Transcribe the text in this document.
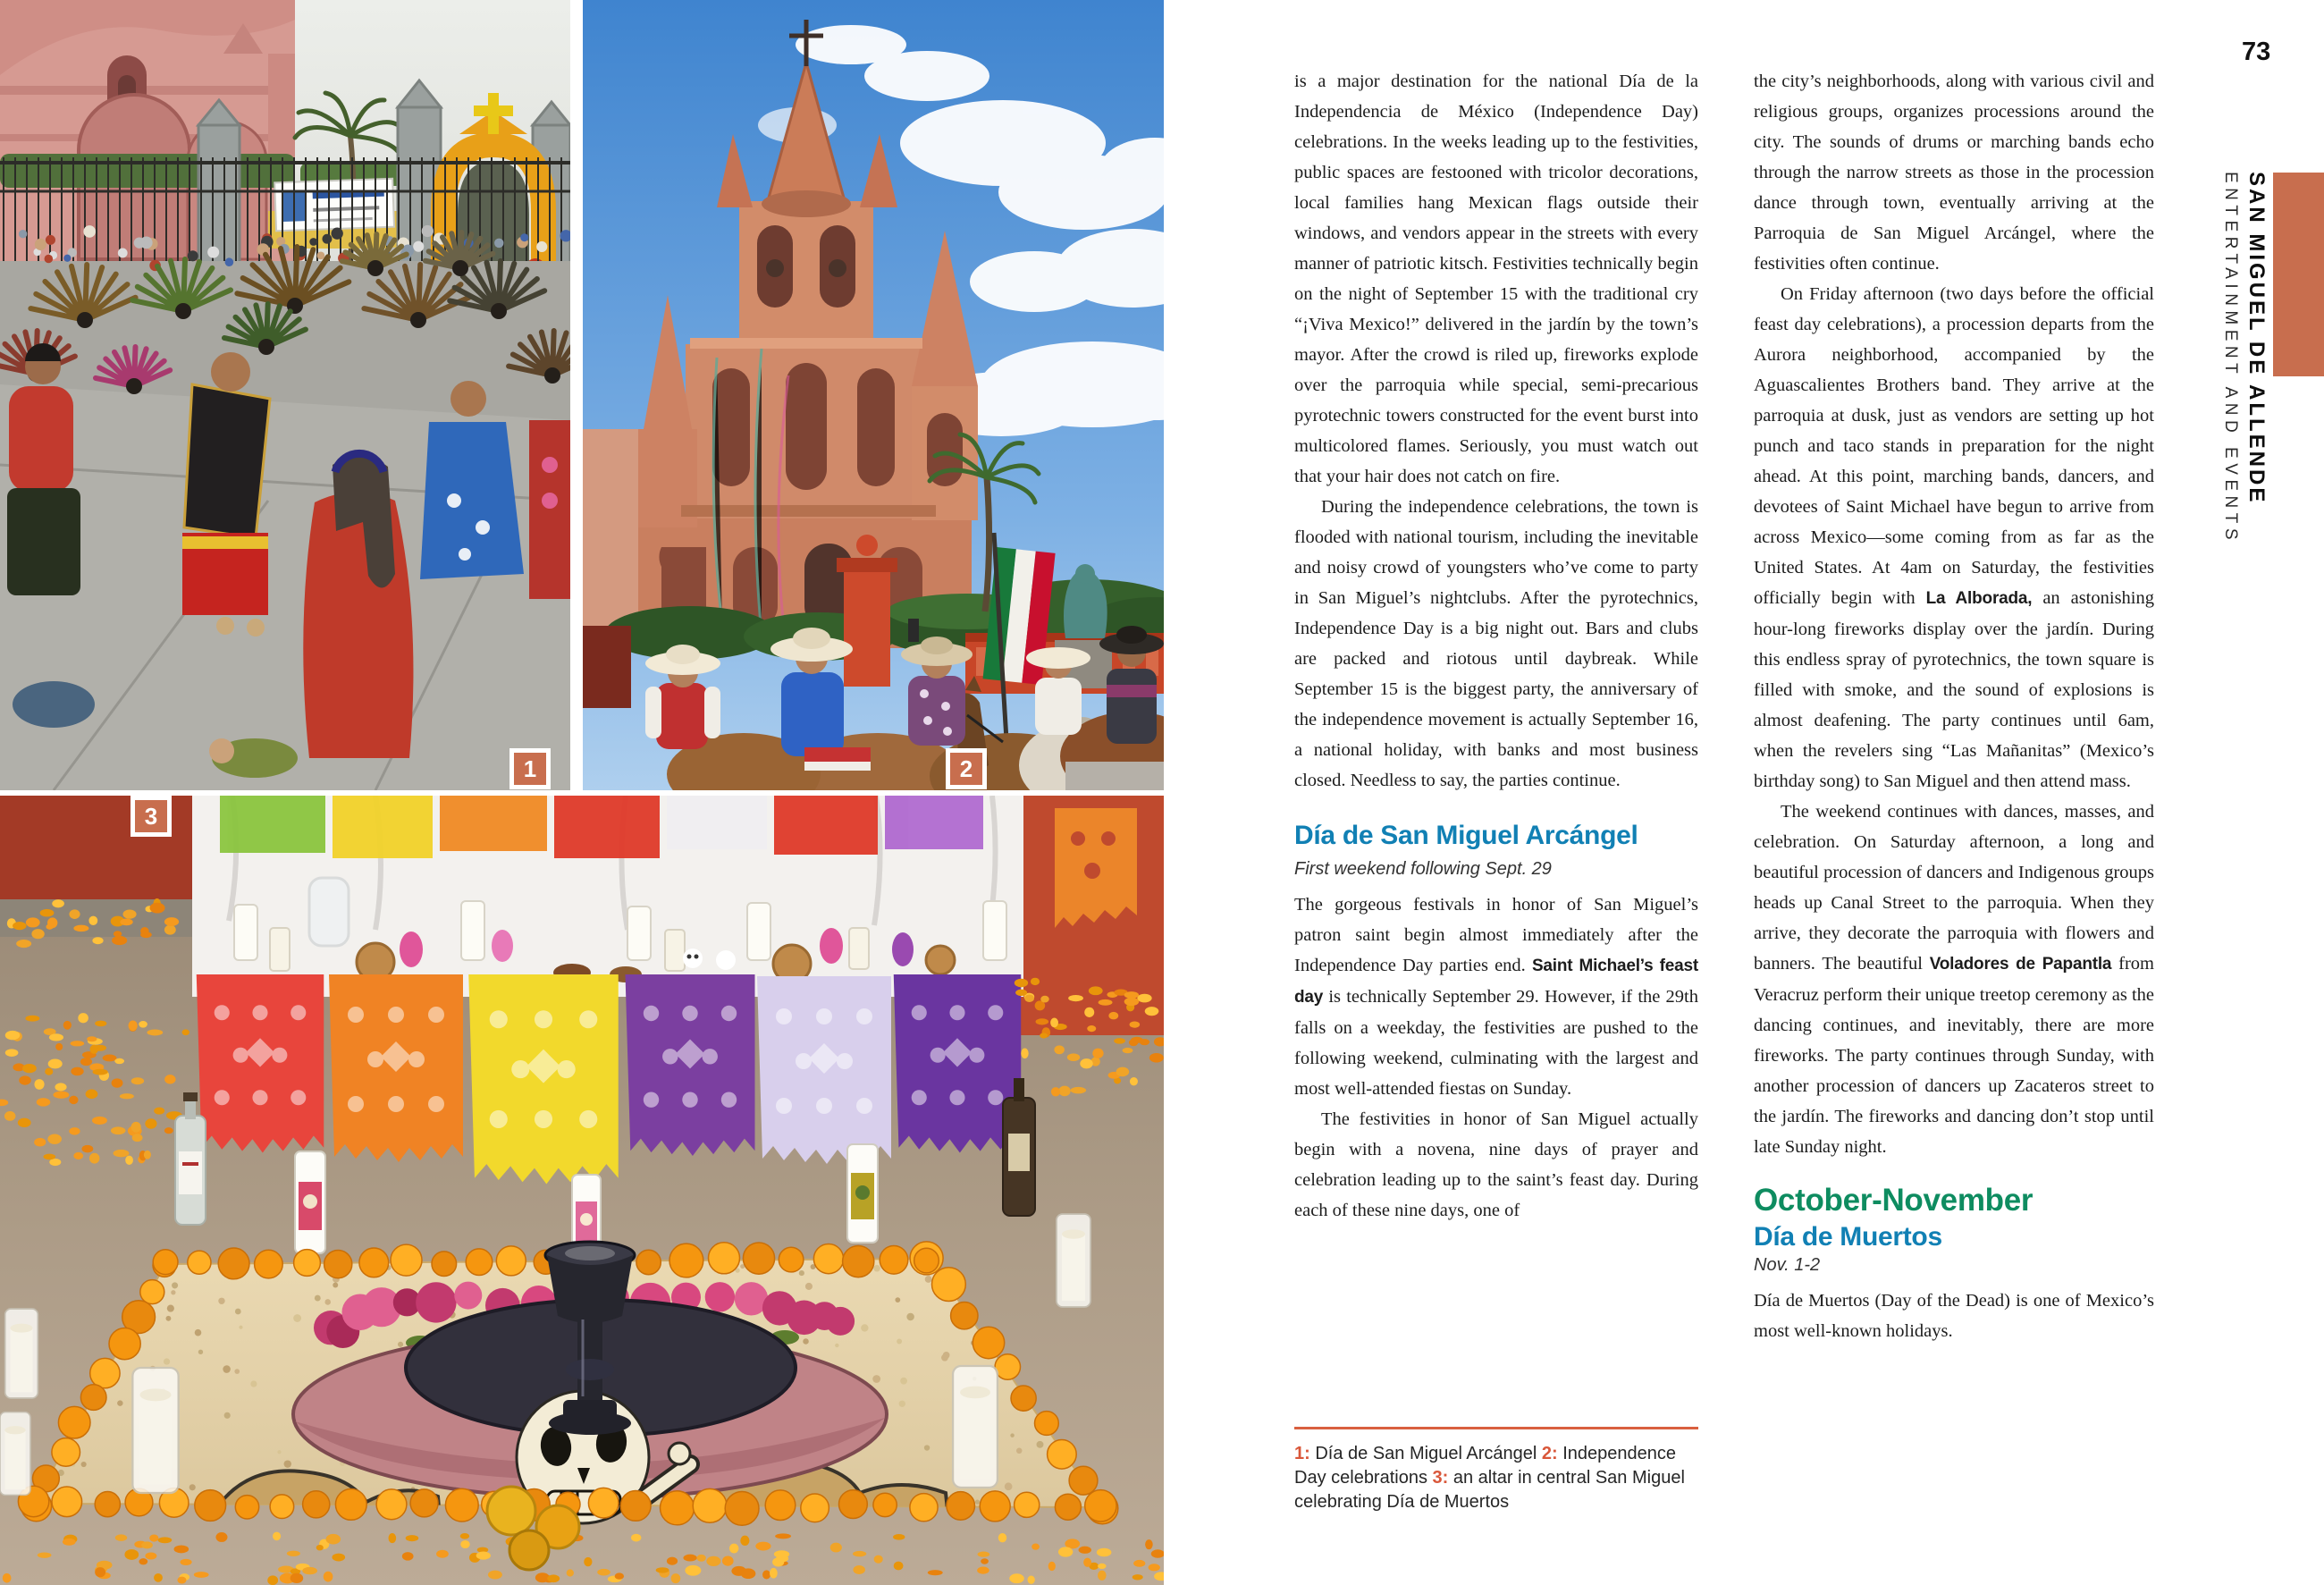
1	2
3

is a major destination for the national Día de la Independencia de México (Independence Day) celebrations. In the weeks leading up to the festivities, public spaces are festooned with tricolor decorations, local families hang Mexican flags outside their windows, and vendors appear in the streets with every manner of patriotic kitsch. Festivities technically begin on the night of September 15 with the traditional cry “¡Viva Mexico!” delivered in the jardín by the town’s mayor. After the crowd is riled up, fireworks explode over the parroquia while special, semi-precarious pyrotechnic towers constructed for the event burst into multicolored flames. Seriously, you must watch out that your hair does not catch on fire.

During the independence celebrations, the town is flooded with national tourism, including the inevitable and noisy crowd of youngsters who’ve come to party in San Miguel’s nightclubs. After the pyrotechnics, Independence Day is a big night out. Bars and clubs are packed and riotous until daybreak. While September 15 is the biggest party, the anniversary of the independence movement is actually September 16, a national holiday, with banks and most business closed. Needless to say, the parties continue.

Día de San Miguel Arcángel
First weekend following Sept. 29

The gorgeous festivals in honor of San Miguel’s patron saint begin almost immediately after the Independence Day parties end. Saint Michael’s feast day is technically September 29. However, if the 29th falls on a weekday, the festivities are pushed to the following weekend, culminating with the largest and most well-attended fiestas on Sunday.

The festivities in honor of San Miguel actually begin with a novena, nine days of prayer and celebration leading up to the saint’s feast day. During each of these nine days, one of

the city’s neighborhoods, along with various civil and religious groups, organizes processions around the city. The sounds of drums or marching bands echo through the narrow streets as those in the procession dance through town, eventually arriving at the Parroquia de San Miguel Arcángel, where the festivities often continue.

On Friday afternoon (two days before the official feast day celebrations), a procession departs from the Aurora neighborhood, accompanied by the Aguascalientes Brothers band. They arrive at the parroquia at dusk, just as vendors are setting up hot punch and taco stands in preparation for the night ahead. At this point, marching bands, dancers, and devotees of Saint Michael have begun to arrive from across Mexico—some coming from as far as the United States. At 4am on Saturday, the festivities officially begin with La Alborada, an astonishing hour-long fireworks display over the jardín. During this endless spray of pyrotechnics, the town square is filled with smoke, and the sound of explosions is almost deafening. The party continues until 6am, when the revelers sing “Las Mañanitas” (Mexico’s birthday song) to San Miguel and then attend mass.

The weekend continues with dances, masses, and celebration. On Saturday afternoon, a long and beautiful procession of dancers and Indigenous groups heads up Canal Street to the parroquia. When they arrive, they decorate the parroquia with flowers and banners. The beautiful Voladores de Papantla from Veracruz perform their unique treetop ceremony as the dancing continues, and inevitably, there are more fireworks. The party continues through Sunday, with another procession of dancers up Zacateros street to the jardín. The fireworks and dancing don’t stop until late Sunday night.

October-November
Día de Muertos
Nov. 1-2

Día de Muertos (Day of the Dead) is one of Mexico’s most well-known holidays.

1: Día de San Miguel Arcángel 2: Independence Day celebrations 3: an altar in central San Miguel celebrating Día de Muertos
73
SAN MIGUEL DE ALLENDE
ENTERTAINMENT AND EVENTS
